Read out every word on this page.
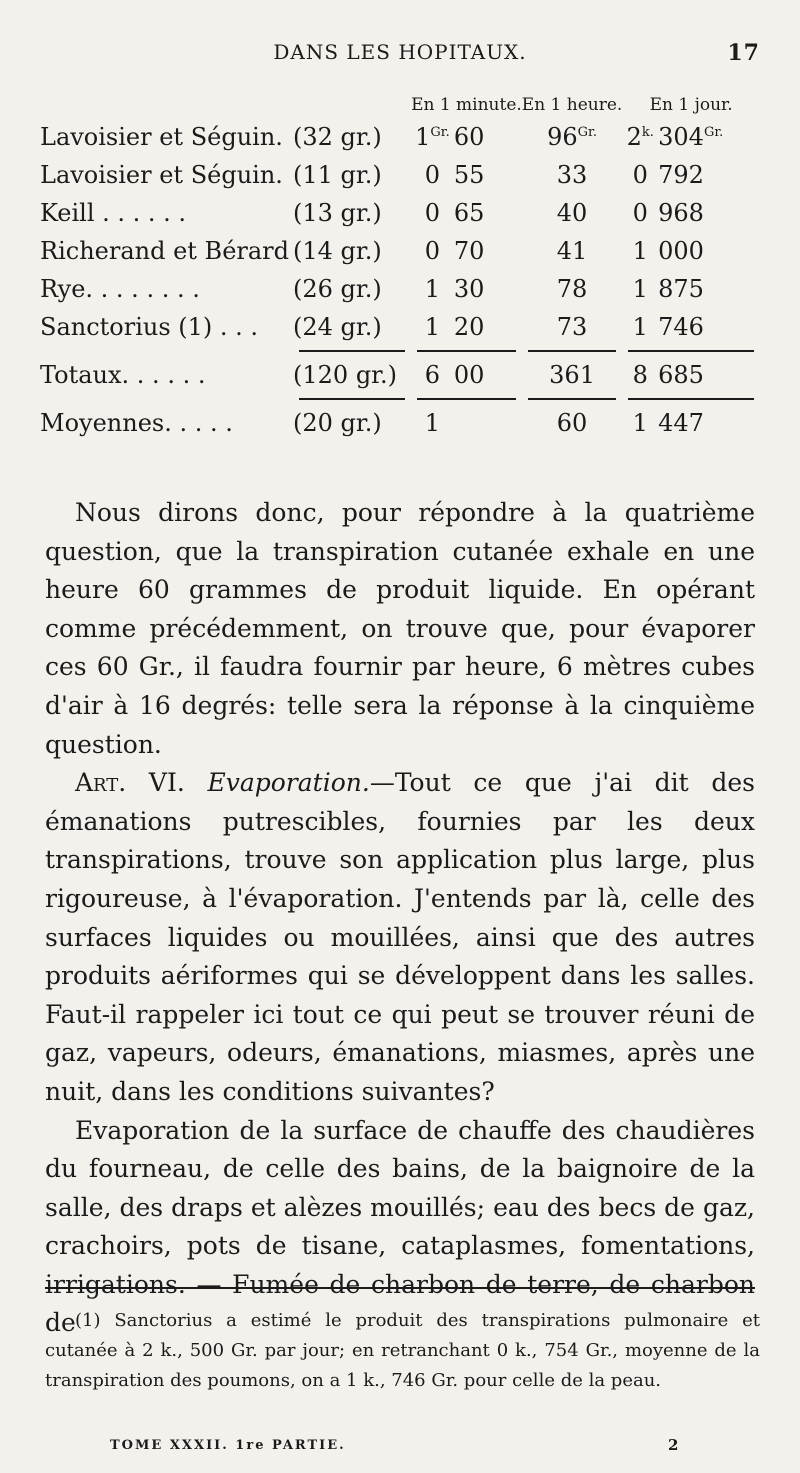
DANS LES HOPITAUX.	17
		En 1 minute.		En 1 heure.	En 1 jour.	
Lavoisier et Séguin.	(32 gr.)	$1^{Gr.}$	60	$96^{Gr.}$	$2^{k.}$	$304^{Gr.}$
Lavoisier et Séguin.	(11 gr.)	0	55	33	0	792
Keill . . . . . .	(13 gr.)	0	65	40	0	968
Richerand et Bérard	(14 gr.)	0	70	41	1	000
Rye. . . . . . . .	(26 gr.)	1	30	78	1	875
Sanctorius (1) . . .	(24 gr.)	1	20	73	1	746

Totaux. . . . . .	(120 gr.)	6	00	361	8	685

Moyennes. . . . .	(20 gr.)	1		60	1	447

Nous dirons donc, pour répondre à la quatrième question, que la transpiration cutanée exhale en une heure 60 grammes de produit liquide. En opérant comme précédemment, on trouve que, pour évaporer ces 60 Gr., il faudra fournir par heure, 6 mètres cubes d'air à 16 degrés: telle sera la réponse à la cinquième question.

Art. VI. Evaporation.—Tout ce que j'ai dit des émanations putrescibles, fournies par les deux transpirations, trouve son application plus large, plus rigoureuse, à l'évaporation. J'entends par là, celle des surfaces liquides ou mouillées, ainsi que des autres produits aériformes qui se développent dans les salles. Faut-il rappeler ici tout ce qui peut se trouver réuni de gaz, vapeurs, odeurs, émanations, miasmes, après une nuit, dans les conditions suivantes?

Evaporation de la surface de chauffe des chaudières du fourneau, de celle des bains, de la baignoire de la salle, des draps et alèzes mouillés; eau des becs de gaz, crachoirs, pots de tisane, cataplasmes, fomentations, irrigations. — Fumée de charbon de terre, de charbon de (1) Sanctorius a estimé le produit des transpirations pulmonaire et cutanée à 2 k., 500 Gr. par jour; en retranchant 0 k., 754 Gr., moyenne de la transpiration des poumons, on a 1 k., 746 Gr. pour celle de la peau.

TOME XXXII. 1re PARTIE.	2
